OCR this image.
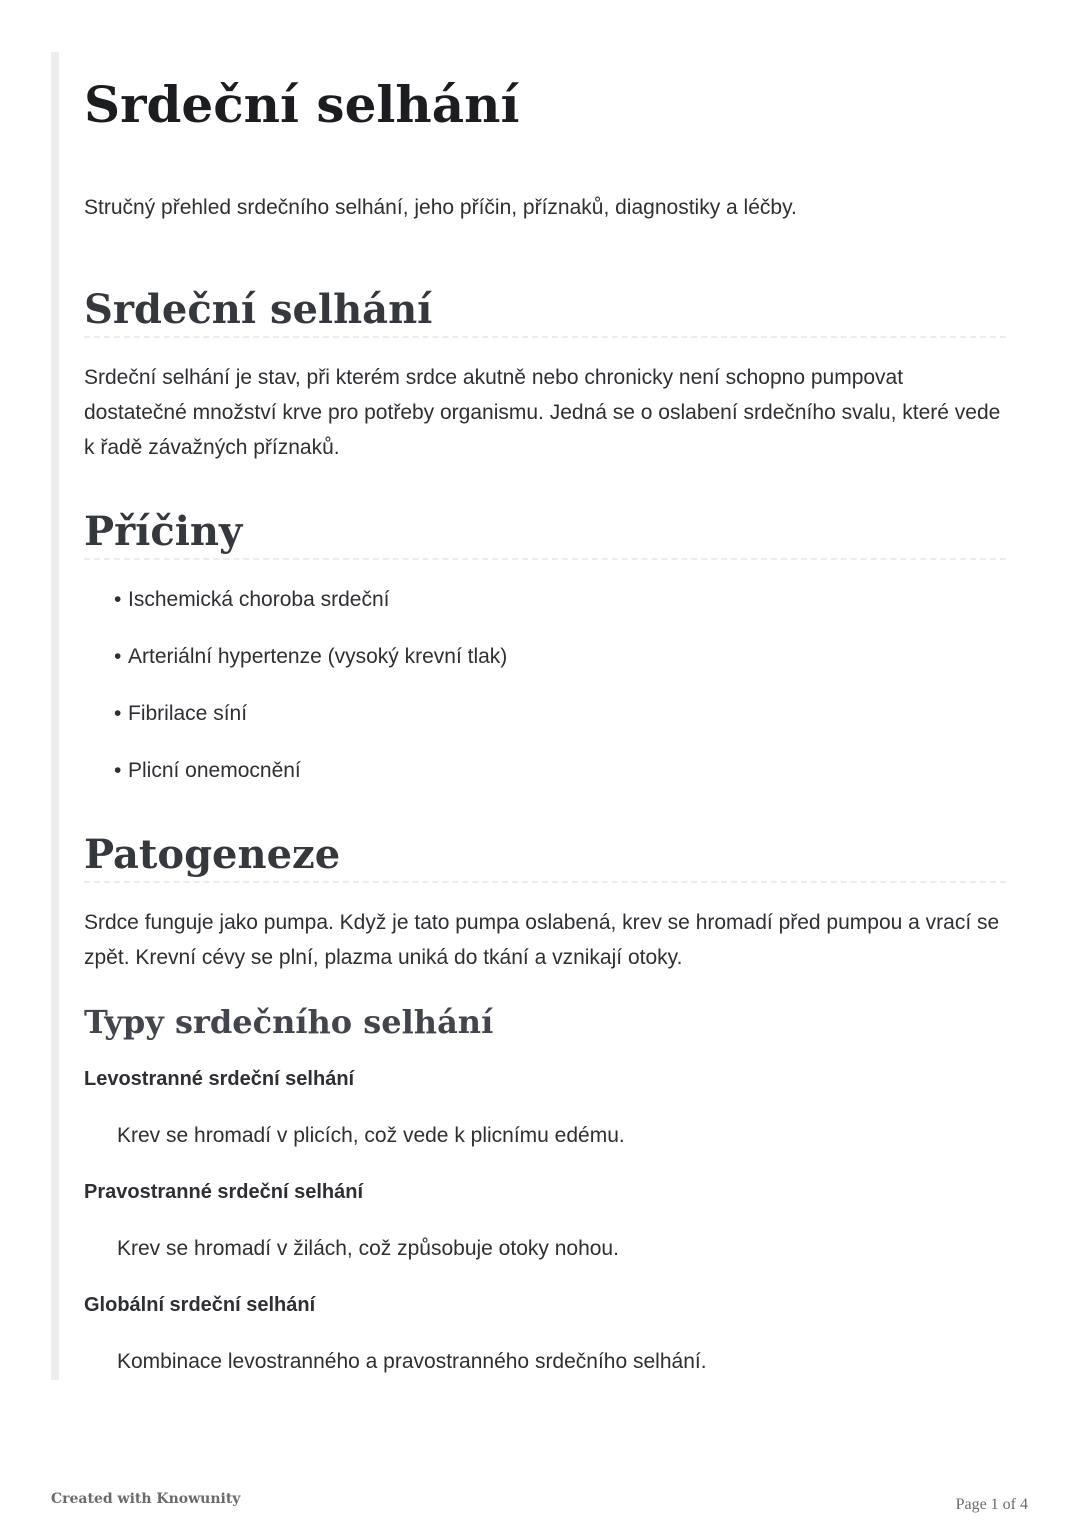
Srdeční selhání

Stručný přehled srdečního selhání, jeho příčin, příznaků, diagnostiky a léčby.

Srdeční selhání

Srdeční selhání je stav, při kterém srdce akutně nebo chronicky není schopno pumpovat dostatečné množství krve pro potřeby organismu. Jedná se o oslabení srdečního svalu, které vede k řadě závažných příznaků.

Příčiny
• Ischemická choroba srdeční
• Arteriální hypertenze (vysoký krevní tlak)
• Fibrilace síní
• Plicní onemocnění
Patogeneze

Srdce funguje jako pumpa. Když je tato pumpa oslabená, krev se hromadí před pumpou a vrací se zpět. Krevní cévy se plní, plazma uniká do tkání a vznikají otoky.

Typy srdečního selhání
Levostranné srdeční selhání
Krev se hromadí v plicích, což vede k plicnímu edému.
Pravostranné srdeční selhání
Krev se hromadí v žilách, což způsobuje otoky nohou.
Globální srdeční selhání
Kombinace levostranného a pravostranného srdečního selhání.
Created with Knowunity	Page 1 of 4
